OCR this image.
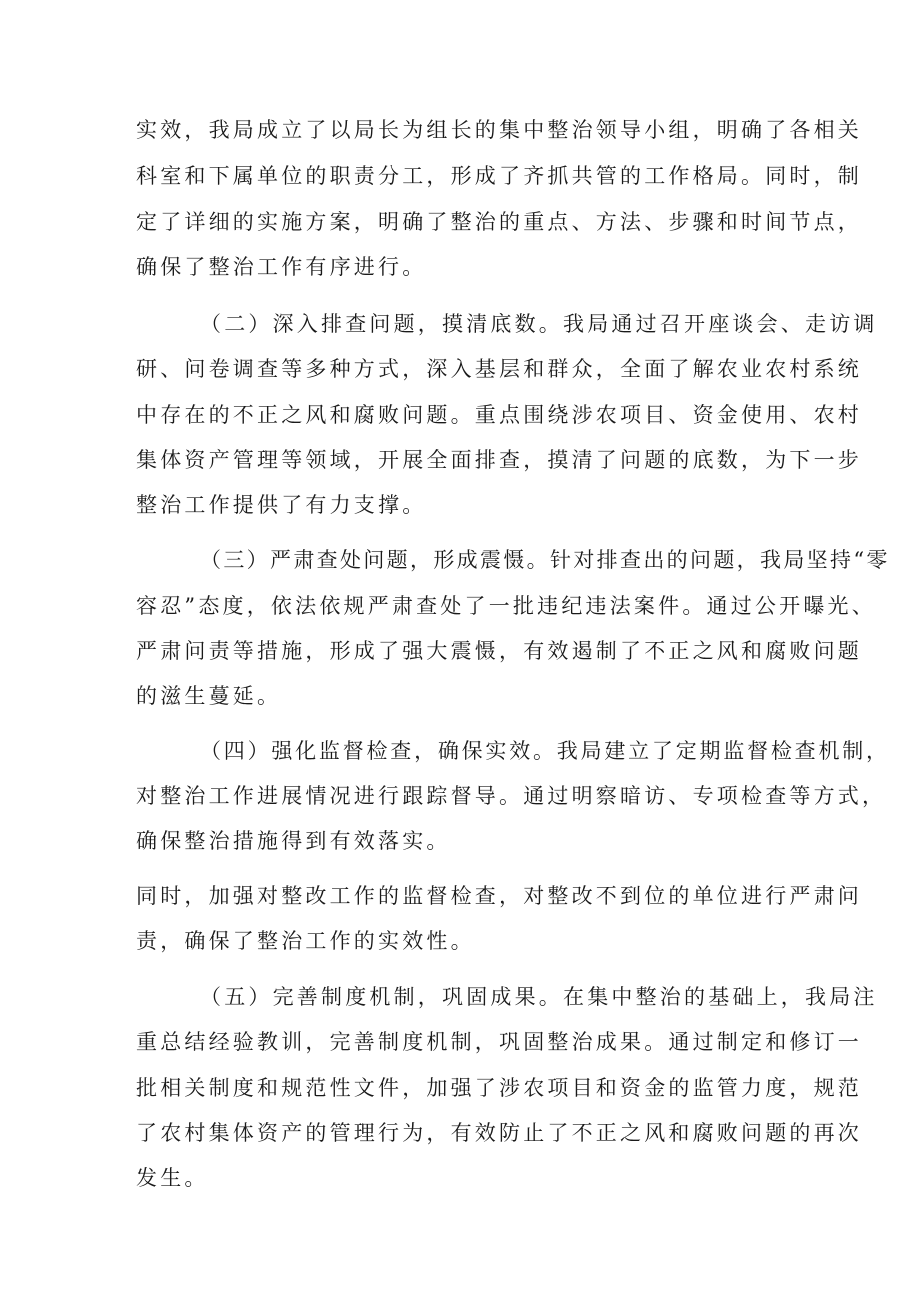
实效，我局成立了以局长为组长的集中整治领导小组，明确了各相关
科室和下属单位的职责分工，形成了齐抓共管的工作格局。同时，制
定了详细的实施方案，明确了整治的重点、方法、步骤和时间节点，
确保了整治工作有序进行。
（二）深入排查问题，摸清底数。我局通过召开座谈会、走访调
研、问卷调查等多种方式，深入基层和群众，全面了解农业农村系统
中存在的不正之风和腐败问题。重点围绕涉农项目、资金使用、农村
集体资产管理等领域，开展全面排查，摸清了问题的底数，为下一步
整治工作提供了有力支撑。
（三）严肃查处问题，形成震慑。针对排查出的问题，我局坚持“零
容忍”态度，依法依规严肃查处了一批违纪违法案件。通过公开曝光、
严肃问责等措施，形成了强大震慑，有效遏制了不正之风和腐败问题
的滋生蔓延。
（四）强化监督检查，确保实效。我局建立了定期监督检查机制，
对整治工作进展情况进行跟踪督导。通过明察暗访、专项检查等方式，
确保整治措施得到有效落实。
同时，加强对整改工作的监督检查，对整改不到位的单位进行严肃问
责，确保了整治工作的实效性。
（五）完善制度机制，巩固成果。在集中整治的基础上，我局注
重总结经验教训，完善制度机制，巩固整治成果。通过制定和修订一
批相关制度和规范性文件，加强了涉农项目和资金的监管力度，规范
了农村集体资产的管理行为，有效防止了不正之风和腐败问题的再次
发生。
